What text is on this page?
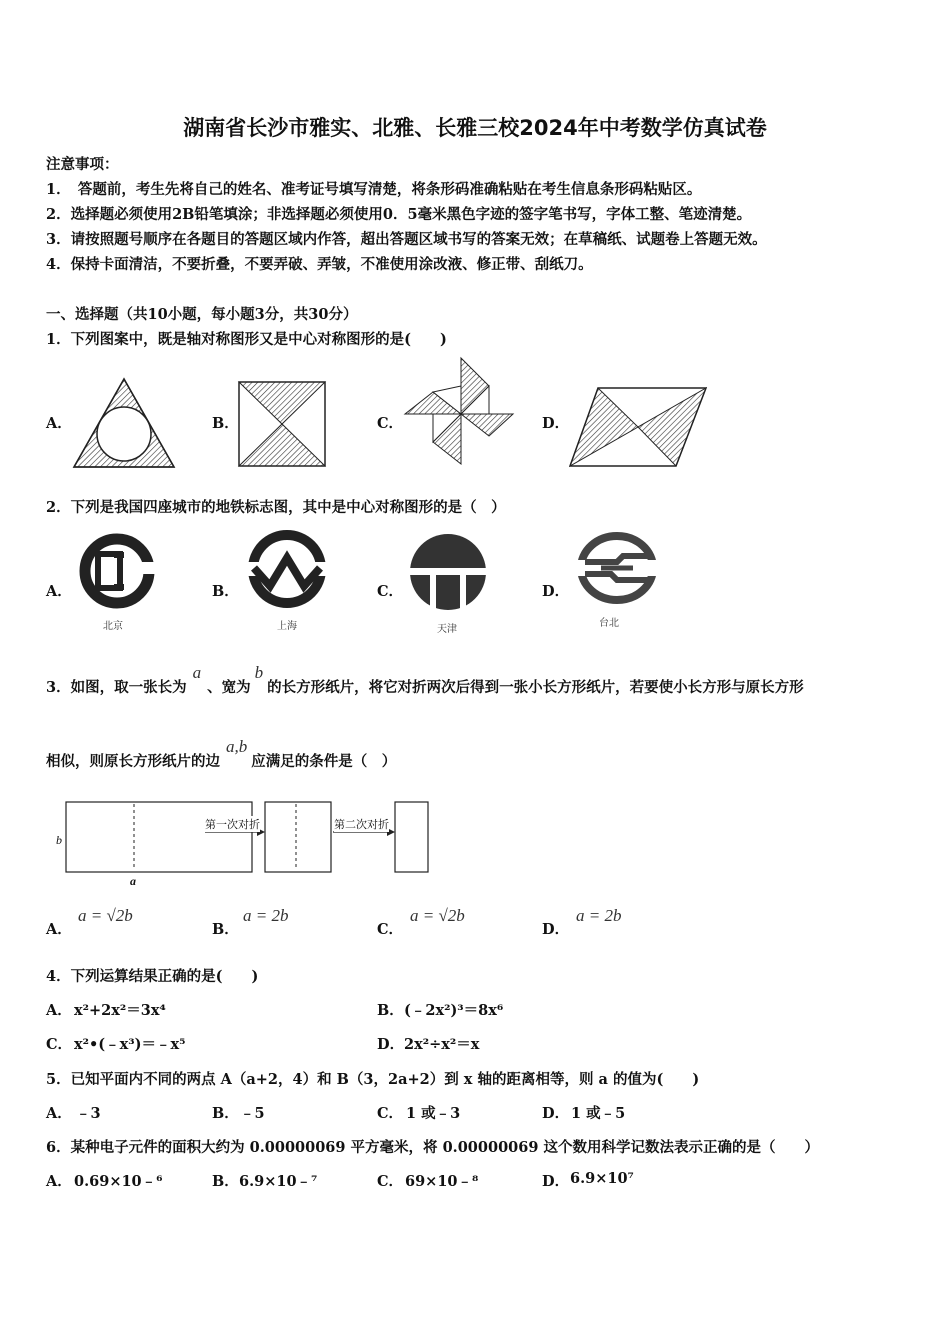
湖南省长沙市雅实、北雅、长雅三校2024年中考数学仿真试卷
注意事项：
1．　答题前，考生先将自己的姓名、准考证号填写清楚，将条形码准确粘贴在考生信息条形码粘贴区。
2．选择题必须使用2B铅笔填涂；非选择题必须使用0．5毫米黑色字迹的签字笔书写，字体工整、笔迹清楚。
3．请按照题号顺序在各题目的答题区域内作答，超出答题区域书写的答案无效；在草稿纸、试题卷上答题无效。
4．保持卡面清洁，不要折叠，不要弄破、弄皱，不准使用涂改液、修正带、刮纸刀。
一、选择题（共10小题，每小题3分，共30分）
1．下列图案中，既是轴对称图形又是中心对称图形的是(　　)
A．	B．	C．	D．
2．下列是我国四座城市的地铁标志图，其中是中心对称图形的是（　）
A．	B．	C．	D．
北京	上海	天津
台北
3．如图，取一张长为a、宽为b的长方形纸片，将它对折两次后得到一张小长方形纸片，若要使小长方形与原长方形
相似，则原长方形纸片的边a,b应满足的条件是（　）
b
a
第一次对折	第二次对折
A．
a = √2b
B．
a = 2b
C．
a = √2b
D．
a = 2b
4．下列运算结果正确的是(　　)
A． x²+2x²＝3x⁴	B． (﹣2x²)³＝8x⁶
C． x²•(﹣x³)＝﹣x⁵	D． 2x²÷x²＝x
5．已知平面内不同的两点 A（a+2，4）和 B（3，2a+2）到 x 轴的距离相等，则 a 的值为(　　)
A． ﹣3	B． ﹣5	C． 1 或﹣3	D． 1 或﹣5
6．某种电子元件的面积大约为 0.00000069 平方毫米，将 0.00000069 这个数用科学记数法表示正确的是（　　）
A． 0.69×10﹣⁶	B． 6.9×10﹣⁷	C． 69×10﹣⁸	D． 6.9×10⁷
